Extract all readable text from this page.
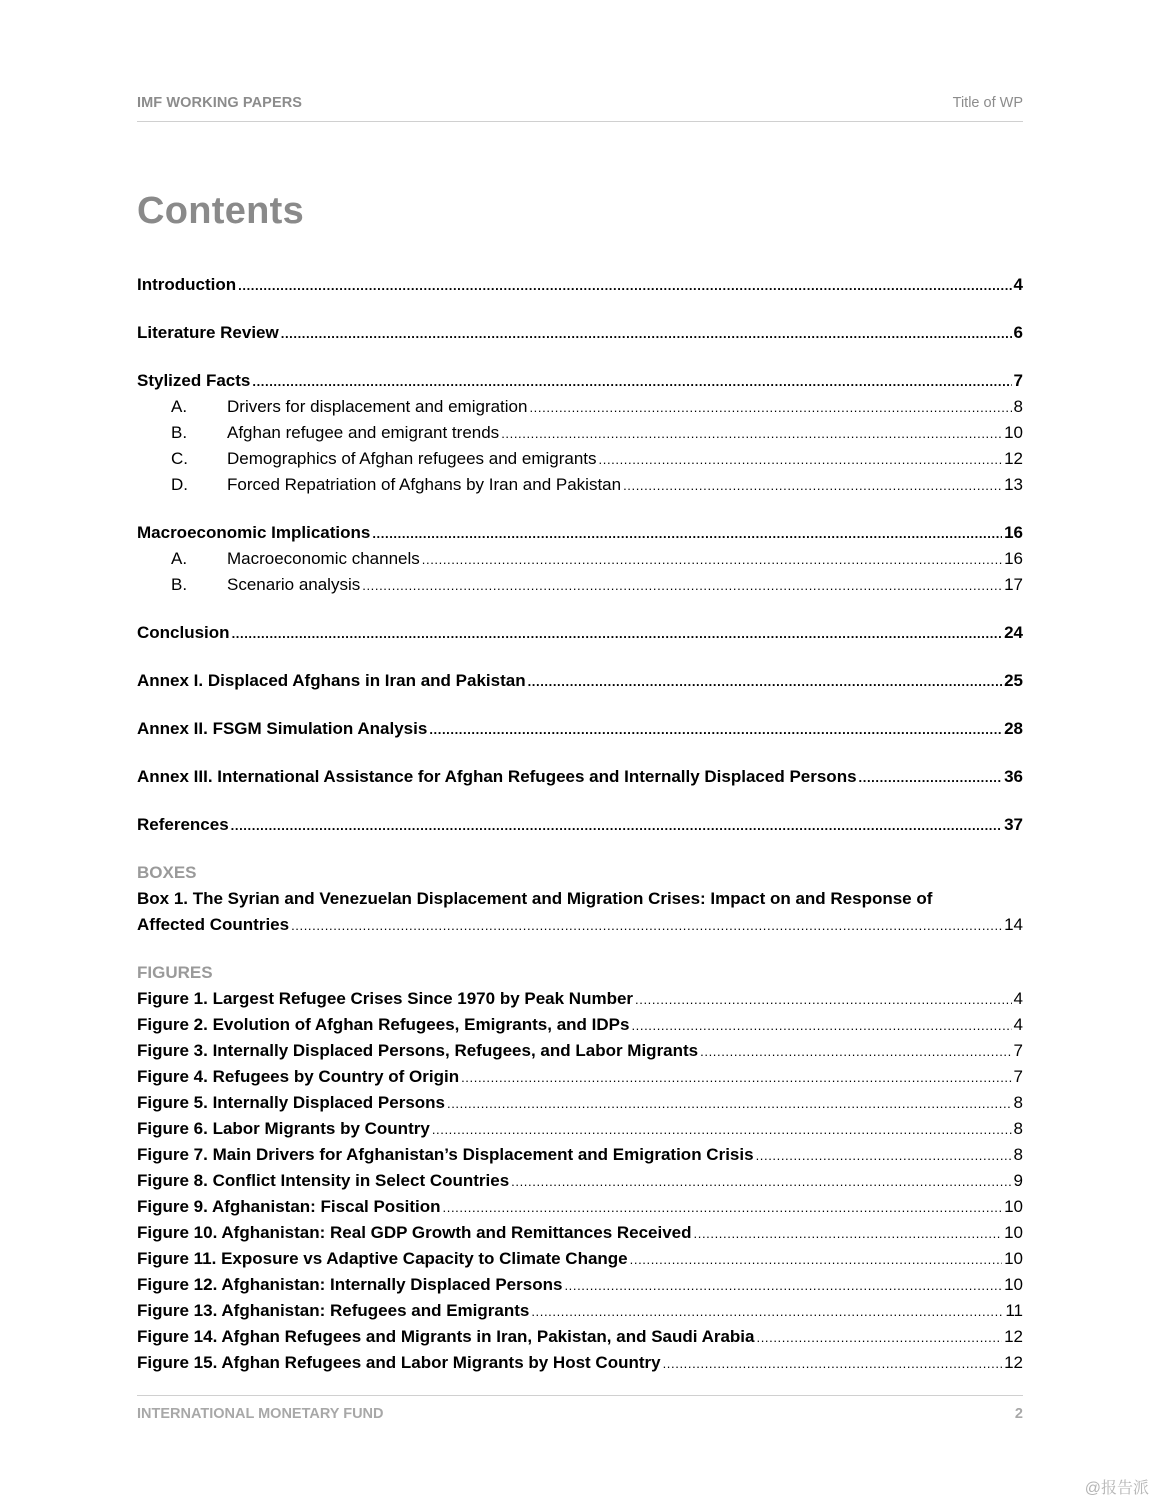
IMF WORKING PAPERS	Title of WP
Contents
Introduction .....	4
Literature Review .....	6
Stylized Facts .....	7
A.	Drivers for displacement and emigration .....	8
B.	Afghan refugee and emigrant trends .....	10
C.	Demographics of Afghan refugees and emigrants .....	12
D.	Forced Repatriation of Afghans by Iran and Pakistan .....	13
Macroeconomic Implications .....	16
A.	Macroeconomic channels .....	16
B.	Scenario analysis .....	17
Conclusion .....	24
Annex I. Displaced Afghans in Iran and Pakistan .....	25
Annex II. FSGM Simulation Analysis .....	28
Annex III. International Assistance for Afghan Refugees and Internally Displaced Persons .....	36
References .....	37
BOXES
Box 1. The Syrian and Venezuelan Displacement and Migration Crises: Impact on and Response of
Affected Countries .....	14
FIGURES
Figure 1. Largest Refugee Crises Since 1970 by Peak Number .....	4
Figure 2. Evolution of Afghan Refugees, Emigrants, and IDPs .....	4
Figure 3. Internally Displaced Persons, Refugees, and Labor Migrants .....	7
Figure 4. Refugees by Country of Origin .....	7
Figure 5. Internally Displaced Persons .....	8
Figure 6. Labor Migrants by Country .....	8
Figure 7. Main Drivers for Afghanistan’s Displacement and Emigration Crisis .....	8
Figure 8. Conflict Intensity in Select Countries .....	9
Figure 9. Afghanistan: Fiscal Position .....	10
Figure 10. Afghanistan: Real GDP Growth and Remittances Received .....	10
Figure 11. Exposure vs Adaptive Capacity to Climate Change .....	10
Figure 12. Afghanistan: Internally Displaced Persons .....	10
Figure 13. Afghanistan: Refugees and Emigrants .....	11
Figure 14. Afghan Refugees and Migrants in Iran, Pakistan, and Saudi Arabia .....	12
Figure 15. Afghan Refugees and Labor Migrants by Host Country .....	12
INTERNATIONAL MONETARY FUND	2
@报告派
